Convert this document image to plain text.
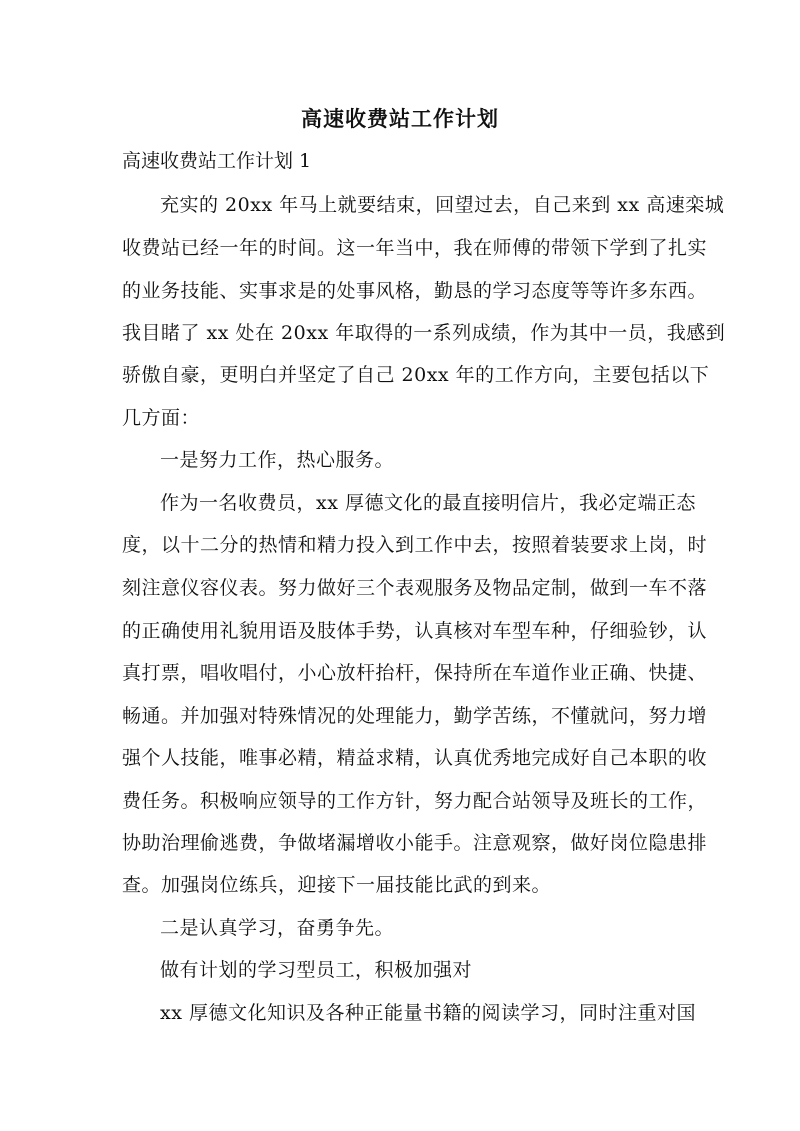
高速收费站工作计划
高速收费站工作计划 1
充实的 20xx 年马上就要结束，回望过去，自己来到 xx 高速栾城
收费站已经一年的时间。这一年当中，我在师傅的带领下学到了扎实
的业务技能、实事求是的处事风格，勤恳的学习态度等等许多东西。
我目睹了 xx 处在 20xx 年取得的一系列成绩，作为其中一员，我感到
骄傲自豪，更明白并坚定了自己 20xx 年的工作方向，主要包括以下
几方面：
一是努力工作，热心服务。
作为一名收费员，xx 厚德文化的最直接明信片，我必定端正态
度，以十二分的热情和精力投入到工作中去，按照着装要求上岗，时
刻注意仪容仪表。努力做好三个表观服务及物品定制，做到一车不落
的正确使用礼貌用语及肢体手势，认真核对车型车种，仔细验钞，认
真打票，唱收唱付，小心放杆抬杆，保持所在车道作业正确、快捷、
畅通。并加强对特殊情况的处理能力，勤学苦练，不懂就问，努力增
强个人技能，唯事必精，精益求精，认真优秀地完成好自己本职的收
费任务。积极响应领导的工作方针，努力配合站领导及班长的工作，
协助治理偷逃费，争做堵漏增收小能手。注意观察，做好岗位隐患排
查。加强岗位练兵，迎接下一届技能比武的到来。
二是认真学习，奋勇争先。
做有计划的学习型员工，积极加强对
xx 厚德文化知识及各种正能量书籍的阅读学习，同时注重对国
